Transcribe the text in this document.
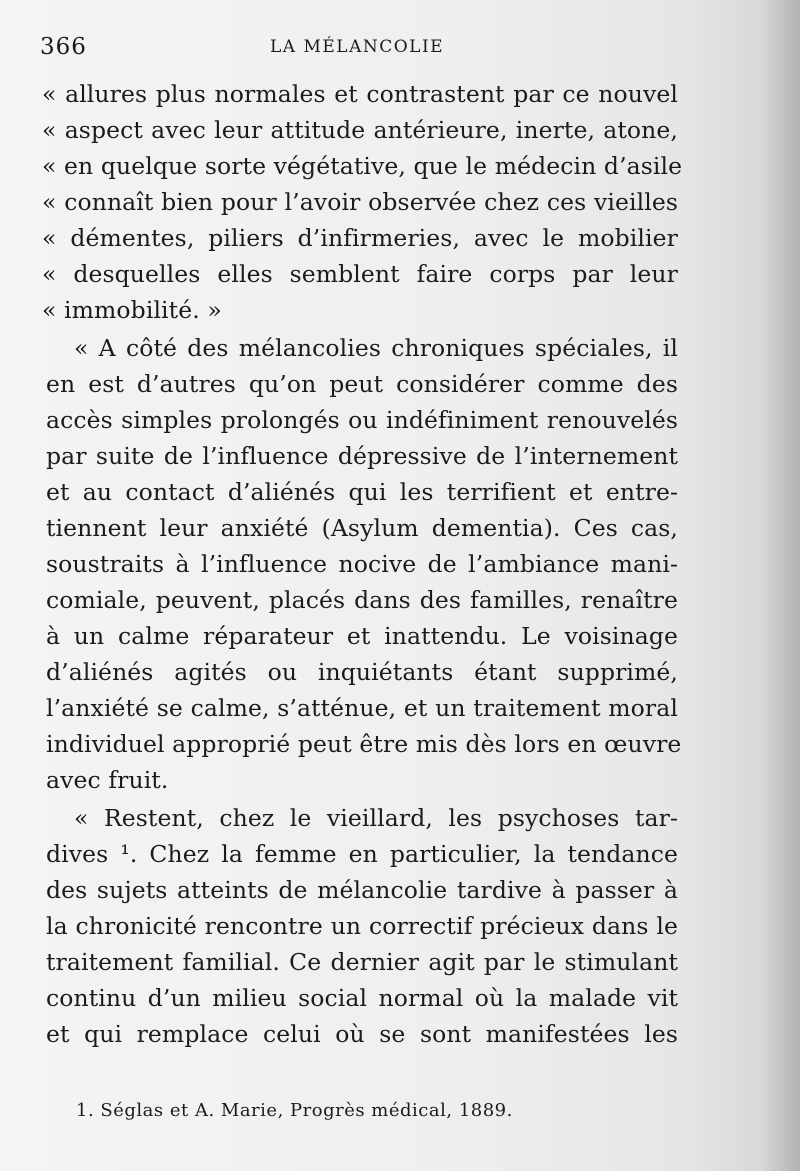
366	LA MÉLANCOLIE
« allures plus normales et contrastent par ce nouvel
« aspect avec leur attitude antérieure, inerte, atone,
« en quelque sorte végétative, que le médecin d’asile
« connaît bien pour l’avoir observée chez ces vieilles
« démentes, piliers d’infirmeries, avec le mobilier
« desquelles elles semblent faire corps par leur
« immobilité. »
« A côté des mélancolies chroniques spéciales, il
en est d’autres qu’on peut considérer comme des
accès simples prolongés ou indéfiniment renouvelés
par suite de l’influence dépressive de l’internement
et au contact d’aliénés qui les terrifient et entre-
tiennent leur anxiété (Asylum dementia). Ces cas,
soustraits à l’influence nocive de l’ambiance mani-
comiale, peuvent, placés dans des familles, renaître
à un calme réparateur et inattendu. Le voisinage
d’aliénés agités ou inquiétants étant supprimé,
l’anxiété se calme, s’atténue, et un traitement moral
individuel approprié peut être mis dès lors en œuvre
avec fruit.
« Restent, chez le vieillard, les psychoses tar-
dives ¹. Chez la femme en particulier, la tendance
des sujets atteints de mélancolie tardive à passer à
la chronicité rencontre un correctif précieux dans le
traitement familial. Ce dernier agit par le stimulant
continu d’un milieu social normal où la malade vit
et qui remplace celui où se sont manifestées les
1. Séglas et A. Marie, Progrès médical, 1889.
